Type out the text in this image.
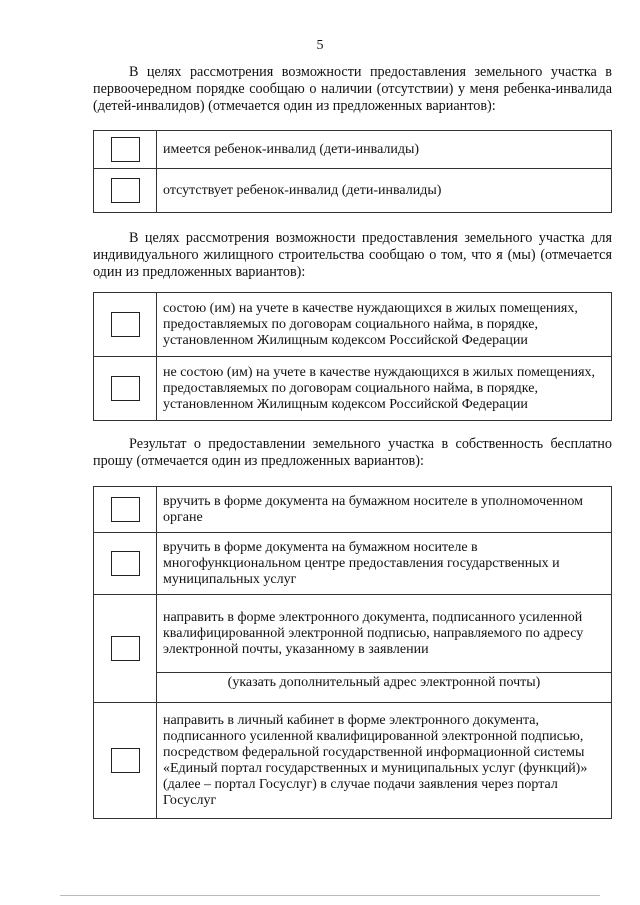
5

В целях рассмотрения возможности предоставления земельного участка в первоочередном порядке сообщаю о наличии (отсутствии) у меня ребенка-инвалида (детей-инвалидов) (отмечается один из предложенных вариантов):

	имеется ребенок-инвалид (дети-инвалиды)

	отсутствует ребенок-инвалид (дети-инвалиды)

В целях рассмотрения возможности предоставления земельного участка для индивидуального жилищного строительства сообщаю о том, что я (мы) (отмечается один из предложенных вариантов):

	состою (им) на учете в качестве нуждающихся в жилых помещениях, предоставляемых по договорам социального найма, в порядке, установленном Жилищным кодексом Российской Федерации

	не состою (им) на учете в качестве нуждающихся в жилых помещениях, предоставляемых по договорам социального найма, в порядке, установленном Жилищным кодексом Российской Федерации

Результат о предоставлении земельного участка в собственность бесплатно прошу (отмечается один из предложенных вариантов):

	вручить в форме документа на бумажном носителе в уполномоченном органе

	вручить в форме документа на бумажном носителе в многофункциональном центре предоставления государственных и муниципальных услуг

	направить в форме электронного документа, подписанного усиленной квалифицированной электронной подписью, направляемого по адресу электронной почты, указанному в заявлении
	(указать дополнительный адрес электронной почты)

	направить в личный кабинет в форме электронного документа, подписанного усиленной квалифицированной электронной подписью, посредством федеральной государственной информационной системы «Единый портал государственных и муниципальных услуг (функций)» (далее – портал Госуслуг) в случае подачи заявления через портал Госуслуг
